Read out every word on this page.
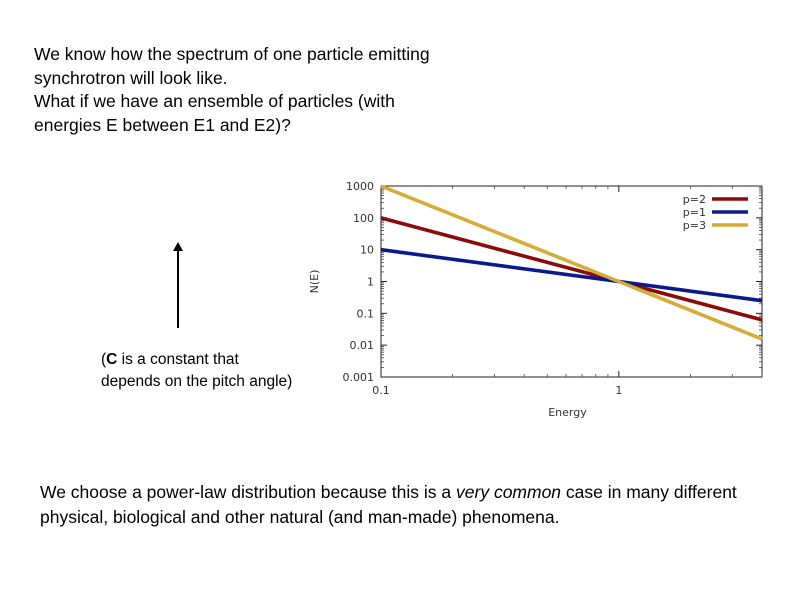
We know how the spectrum of one particle emitting
synchrotron will look like.
What if we have an ensemble of particles (with
energies E between E1 and E2)?
(C is a constant that
depends on the pitch angle)
1000
100
10
1
0.1
0.01
0.001
0.1	1
p=2
p=1
p=3
Energy
N(E)

We choose a power-law distribution because this is a very common case in many different physical, biological and other natural (and man-made) phenomena.
